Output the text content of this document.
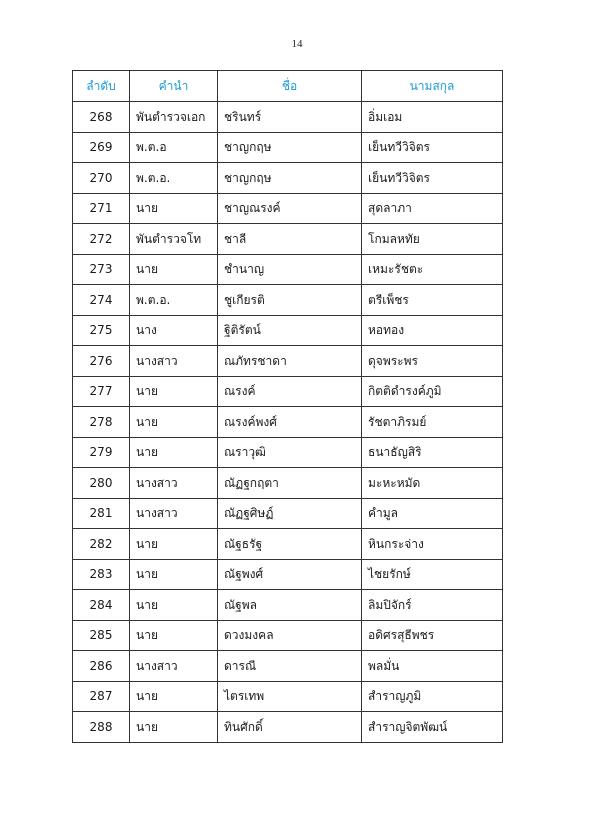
14
ลำดับ	คำนำ	ชื่อ	นามสกุล
268	พันตำรวจเอก	ชรินทร์	อิ่มเอม
269	พ.ต.อ	ชาญกฤษ	เย็นทวีวิจิตร
270	พ.ต.อ.	ชาญกฤษ	เย็นทวีวิจิตร
271	นาย	ชาญณรงค์	สุดลาภา
272	พันตำรวจโท	ชาลี	โกมลหทัย
273	นาย	ชำนาญ	เหมะรัชตะ
274	พ.ต.อ.	ชูเกียรติ	ตรีเพ็ชร
275	นาง	ฐิติรัตน์	หอทอง
276	นางสาว	ณภัทรชาดา	ดุจพระพร
277	นาย	ณรงค์	กิตติดำรงค์ภูมิ
278	นาย	ณรงค์พงศ์	รัชตาภิรมย์
279	นาย	ณราวุฒิ	ธนาธัญสิริ
280	นางสาว	ณัฏฐกฤตา	มะหะหมัด
281	นางสาว	ณัฏฐศิษฏ์	คำมูล
282	นาย	ณัฐธรัฐ	หินกระจ่าง
283	นาย	ณัฐพงศ์	ไชยรักษ์
284	นาย	ณัฐพล	ลิมปิจักร์
285	นาย	ดวงมงคล	อดิศรสุธีพชร
286	นางสาว	ดารณี	พลมั่น
287	นาย	ไตรเทพ	สำราญภูมิ
288	นาย	ทินศักดิ์	สำราญจิตพัฒน์
